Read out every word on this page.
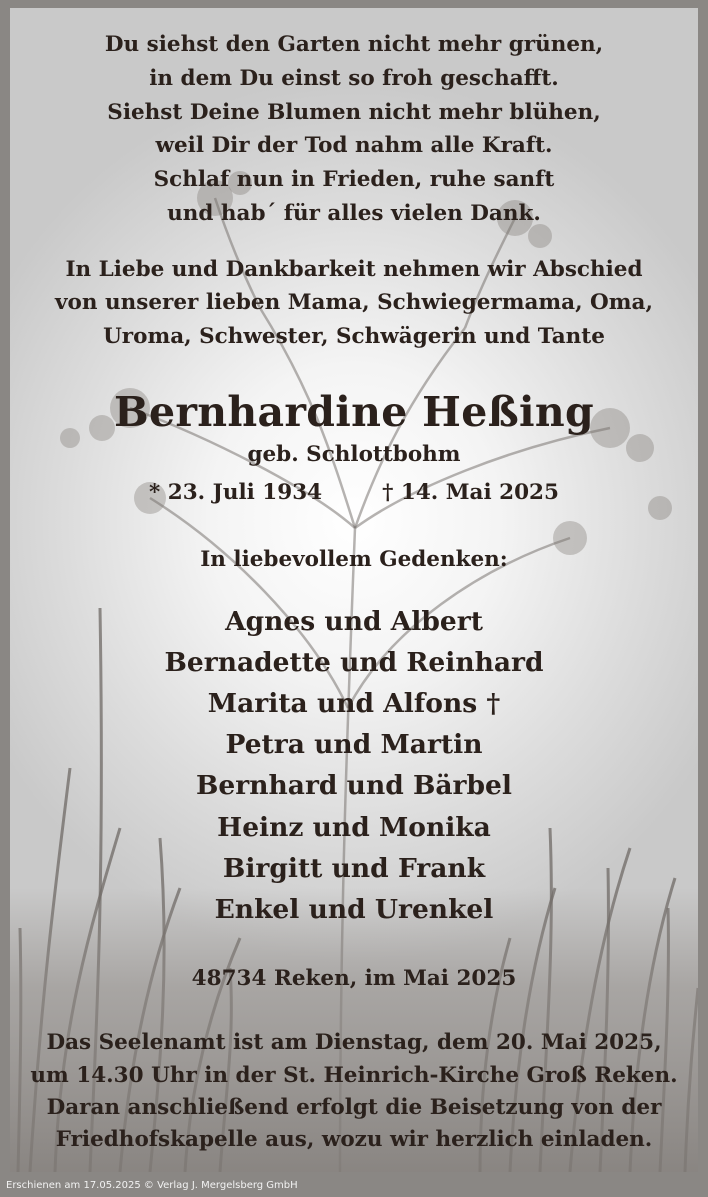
Du siehst den Garten nicht mehr grünen,
in dem Du einst so froh geschafft.
Siehst Deine Blumen nicht mehr blühen,
weil Dir der Tod nahm alle Kraft.
Schlaf nun in Frieden, ruhe sanft
und hab´ für alles vielen Dank.
In Liebe und Dankbarkeit nehmen wir Abschied
von unserer lieben Mama, Schwiegermama, Oma,
Uroma, Schwester, Schwägerin und Tante
Bernhardine Heßing
geb. Schlottbohm
* 23. Juli 1934	† 14. Mai 2025
In liebevollem Gedenken:
Agnes und Albert
Bernadette und Reinhard
Marita und Alfons †
Petra und Martin
Bernhard und Bärbel
Heinz und Monika
Birgitt und Frank
Enkel und Urenkel
48734 Reken, im Mai 2025
Das Seelenamt ist am Dienstag, dem 20. Mai 2025,
um 14.30 Uhr in der St. Heinrich-Kirche Groß Reken.
Daran anschließend erfolgt die Beisetzung von der
Friedhofskapelle aus, wozu wir herzlich einladen.
Erschienen am 17.05.2025 © Verlag J. Mergelsberg GmbH
